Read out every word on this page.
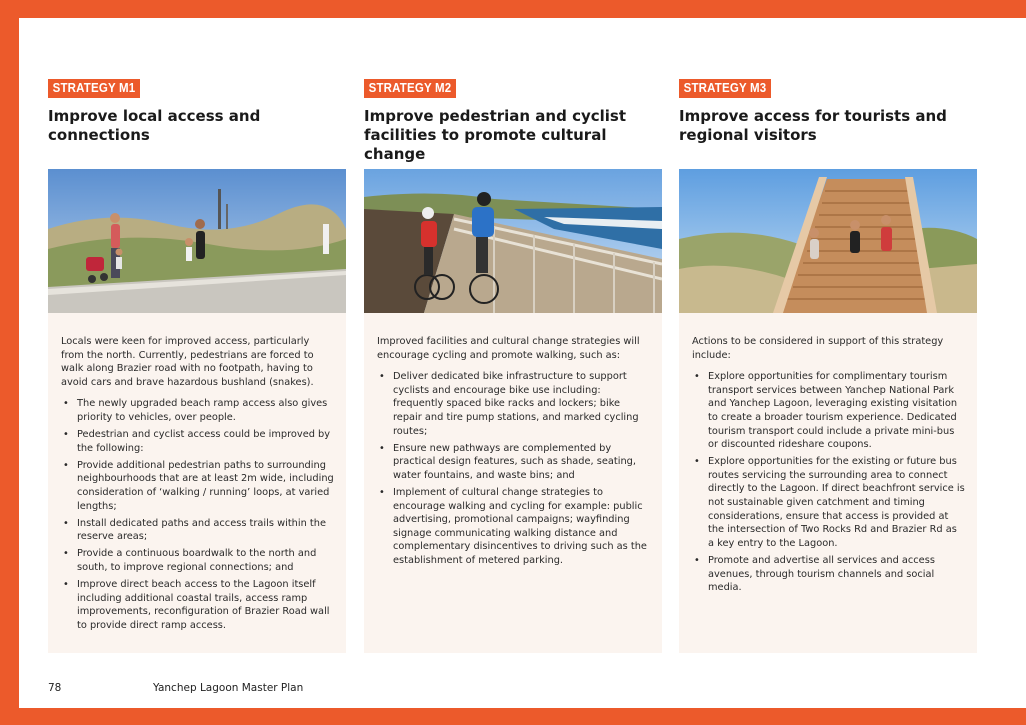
STRATEGY M1
Improve local access and connections

Locals were keen for improved access, particularly from the north. Currently, pedestrians are forced to walk along Brazier road with no footpath, having to avoid cars and brave hazardous bushland (snakes).

• The newly upgraded beach ramp access also gives priority to vehicles, over people.
• Pedestrian and cyclist access could be improved by the following:
• Provide additional pedestrian paths to surrounding neighbourhoods that are at least 2m wide, including consideration of ‘walking / running’ loops, at varied lengths;
• Install dedicated paths and access trails within the reserve areas;
• Provide a continuous boardwalk to the north and south, to improve regional connections; and
• Improve direct beach access to the Lagoon itself including additional coastal trails, access ramp improvements, reconfiguration of Brazier Road wall to provide direct ramp access.
STRATEGY M2
Improve pedestrian and cyclist facilities to promote cultural change

Improved facilities and cultural change strategies will encourage cycling and promote walking, such as:

• Deliver dedicated bike infrastructure to support cyclists and encourage bike use including: frequently spaced bike racks and lockers; bike repair and tire pump stations, and marked cycling routes;
• Ensure new pathways are complemented by practical design features, such as shade, seating, water fountains, and waste bins; and
• Implement of cultural change strategies to encourage walking and cycling for example: public advertising, promotional campaigns; wayfinding signage communicating walking distance and complementary disincentives to driving such as the establishment of metered parking.
STRATEGY M3
Improve access for tourists and regional visitors

Actions to be considered in support of this strategy include:

• Explore opportunities for complimentary tourism transport services between Yanchep National Park and Yanchep Lagoon, leveraging existing visitation to create a broader tourism experience. Dedicated tourism transport could include a private mini-bus or discounted rideshare coupons.
• Explore opportunities for the existing or future bus routes servicing the surrounding area to connect directly to the Lagoon. If direct beachfront service is not sustainable given catchment and timing considerations, ensure that access is provided at the intersection of Two Rocks Rd and Brazier Rd as a key entry to the Lagoon.
• Promote and advertise all services and access avenues, through tourism channels and social media.
78	Yanchep Lagoon Master Plan
